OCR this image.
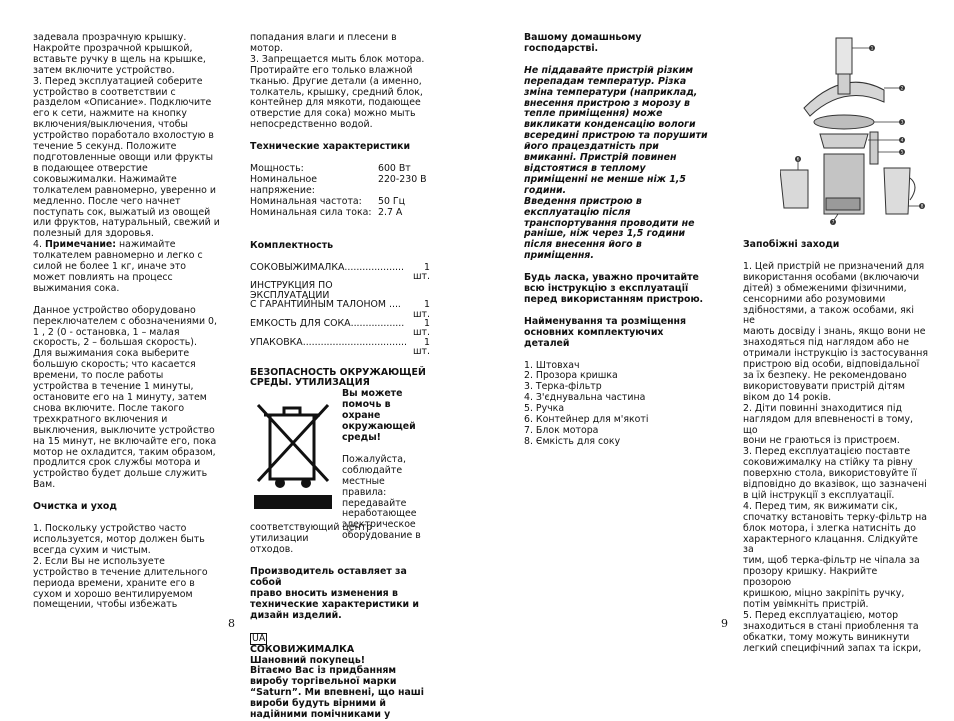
задевала прозрачную крышку.

Накройте прозрачной крышкой,

вставьте ручку в щель на крышке,

затем включите устройство.

3. Перед эксплуатацией соберите

устройство в соответствии с

разделом «Описание». Подключите

его к сети, нажмите на кнопку

включения/выключения, чтобы

устройство поработало вхолостую в

течение 5 секунд. Положите

подготовленные овощи или фрукты

в подающее отверстие

соковыжималки. Нажимайте

толкателем равномерно, уверенно и

медленно. После чего начнет

поступать сок, выжатый из овощей

или фруктов, натуральный, свежий и

полезный для здоровья.

4. Примечание: нажимайте

толкателем равномерно и легко с

силой не более 1 кг, иначе это

может повлиять на процесс

выжимания сока.

Данное устройство оборудовано

переключателем с обозначениями 0,

1 , 2 (0 - остановка, 1 – малая

скорость, 2 – большая скорость).

Для выжимания сока выберите

большую скорость; что касается

времени, то после работы

устройства в течение 1 минуты,

остановите его на 1 минуту, затем

снова включите. После такого

трехкратного включения и

выключения, выключите устройство

на 15 минут, не включайте его, пока

мотор не охладится, таким образом,

продлится срок службы мотора и

устройство будет дольше служить

Вам.

Очистка и уход

1. Поскольку устройство часто

используется, мотор должен быть

всегда сухим и чистым.

2. Если Вы не используете

устройство в течение длительного

периода времени, храните его в

сухом и хорошо вентилируемом

помещении, чтобы избежать

попадания влаги и плесени в мотор.

3. Запрещается мыть блок мотора.

Протирайте его только влажной

тканью. Другие детали (а именно,

толкатель, крышку, средний блок,

контейнер для мякоти, подающее

отверстие для сока) можно мыть

непосредственно водой.

Технические характеристики

Мощность:	600 Вт
Номинальное напряжение:
220-230 В
Номинальная частота:	50 Гц
Номинальная сила тока: 2.7 А

Комплектность

СОКОВЫЖИМАЛКА....................	1 шт.
ИНСТРУКЦИЯ ПО ЭКСПЛУАТАЦИИ
С ГАРАНТИЙНЫМ ТАЛОНОМ ....	1 шт.
ЕМКОСТЬ ДЛЯ СОКА..................	1 шт.
УПАКОВКА...................................	1 шт.

БЕЗОПАСНОСТЬ ОКРУЖАЮЩЕЙ

СРЕДЫ. УТИЛИЗАЦИЯ

Вы можете

помочь в

охране

окружающей

среды!

Пожалуйста,

соблюдайте

местные правила:

передавайте

неработающее

электрическое

оборудование в

соответствующий центр утилизации

отходов.

Производитель оставляет за собой

право вносить изменения в

технические характеристики и

дизайн изделий.

UA

СОКОВИЖИМАЛКА

Шановний покупець!

Вітаємо Вас із придбанням

виробу торгівельної марки

“Saturn”. Ми впевнені, що наші

вироби будуть вірними й

надійними помічниками у

8

Вашому домашньому

господарстві.

Не піддавайте пристрій різким

перепадам температур. Різка

зміна температури (наприклад,

внесення пристрою з морозу в

тепле приміщення) може

викликати конденсацію вологи

всередині пристрою та порушити

його працездатність при

вмиканні. Пристрій повинен

відстоятися в теплому

приміщенні не менше ніж 1,5

години.

Введення пристрою в

експлуатацію після

транспортування проводити не

раніше, ніж через 1,5 години

після внесення його в

приміщення.

Будь ласка, уважно прочитайте

всю інструкцію з експлуатації

перед використанням пристрою.

Найменування та розміщення

основних комплектуючих

деталей

1. Штовхач

2. Прозора кришка

3. Терка-фільтр

4. З'єднувальна частина

5. Ручка

6. Контейнер для м'якоті

7. Блок мотора

8. Ємкість для соку

1
2
3
4
5
6
7
8

Запобіжні заходи

1. Цей пристрій не призначений для

використання особами (включаючи

дітей) з обмеженими фізичними,

сенсорними або розумовими

здібностями, а також особами, які не

мають досвіду і знань, якщо вони не

знаходяться під наглядом або не

отримали інструкцію із застосування

пристрою від особи, відповідальної

за їх безпеку. Не рекомендовано

використовувати пристрій дітям

віком до 14 років.

2. Діти повинні знаходитися під

наглядом для впевненості в тому, що

вони не граються із пристроєм.

3. Перед експлуатацією поставте

соковижималку на стійку та рівну

поверхню стола, використовуйте її

відповідно до вказівок, що зазначені

в цій інструкції з експлуатації.

4. Перед тим, як вижимати сік,

спочатку встановіть терку-фільтр на

блок мотора, і злегка натисніть до

характерного клацання. Слідкуйте за

тим, щоб терка-фільтр не чіпала за

прозору кришку. Накрийте прозорою

кришкою, міцно закріпіть ручку,

потім увімкніть пристрій.

5. Перед експлуатацією, мотор

знаходиться в стані приоблення та

обкатки, тому можуть виникнути

легкий специфічний запах та іскри,

9
